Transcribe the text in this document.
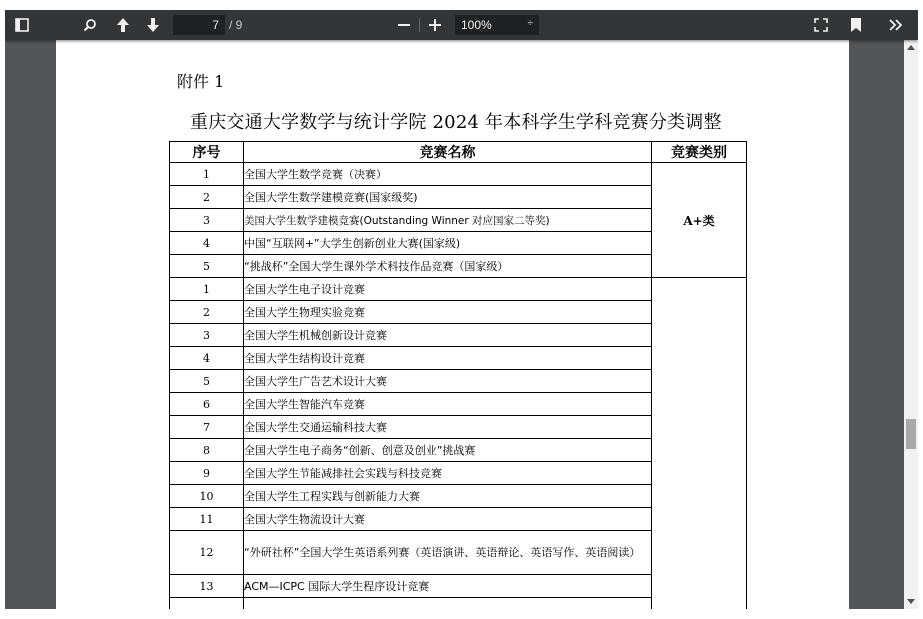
7 / 9	100%	÷
附件 1
重庆交通大学数学与统计学院 2024 年本科学生学科竞赛分类调整
序号	竞赛名称	竞赛类别
1	全国大学生数学竞赛（决赛）	A+类
2	全国大学生数学建模竞赛(国家级奖)	
3	美国大学生数学建模竞赛(Outstanding Winner 对应国家二等奖)	
4	中国“互联网+”大学生创新创业大赛(国家级)	
5	“挑战杯”全国大学生课外学术科技作品竞赛（国家级）	
1	全国大学生电子设计竞赛	
2	全国大学生物理实验竞赛	
3	全国大学生机械创新设计竞赛	
4	全国大学生结构设计竞赛	
5	全国大学生广告艺术设计大赛	
6	全国大学生智能汽车竞赛	
7	全国大学生交通运输科技大赛	
8	全国大学生电子商务“创新、创意及创业”挑战赛	
9	全国大学生节能减排社会实践与科技竞赛	
10	全国大学生工程实践与创新能力大赛	
11	全国大学生物流设计大赛	
12	“外研社杯”全国大学生英语系列赛（英语演讲、英语辩论、英语写作、英语阅读）	
13	ACM—ICPC 国际大学生程序设计竞赛	
